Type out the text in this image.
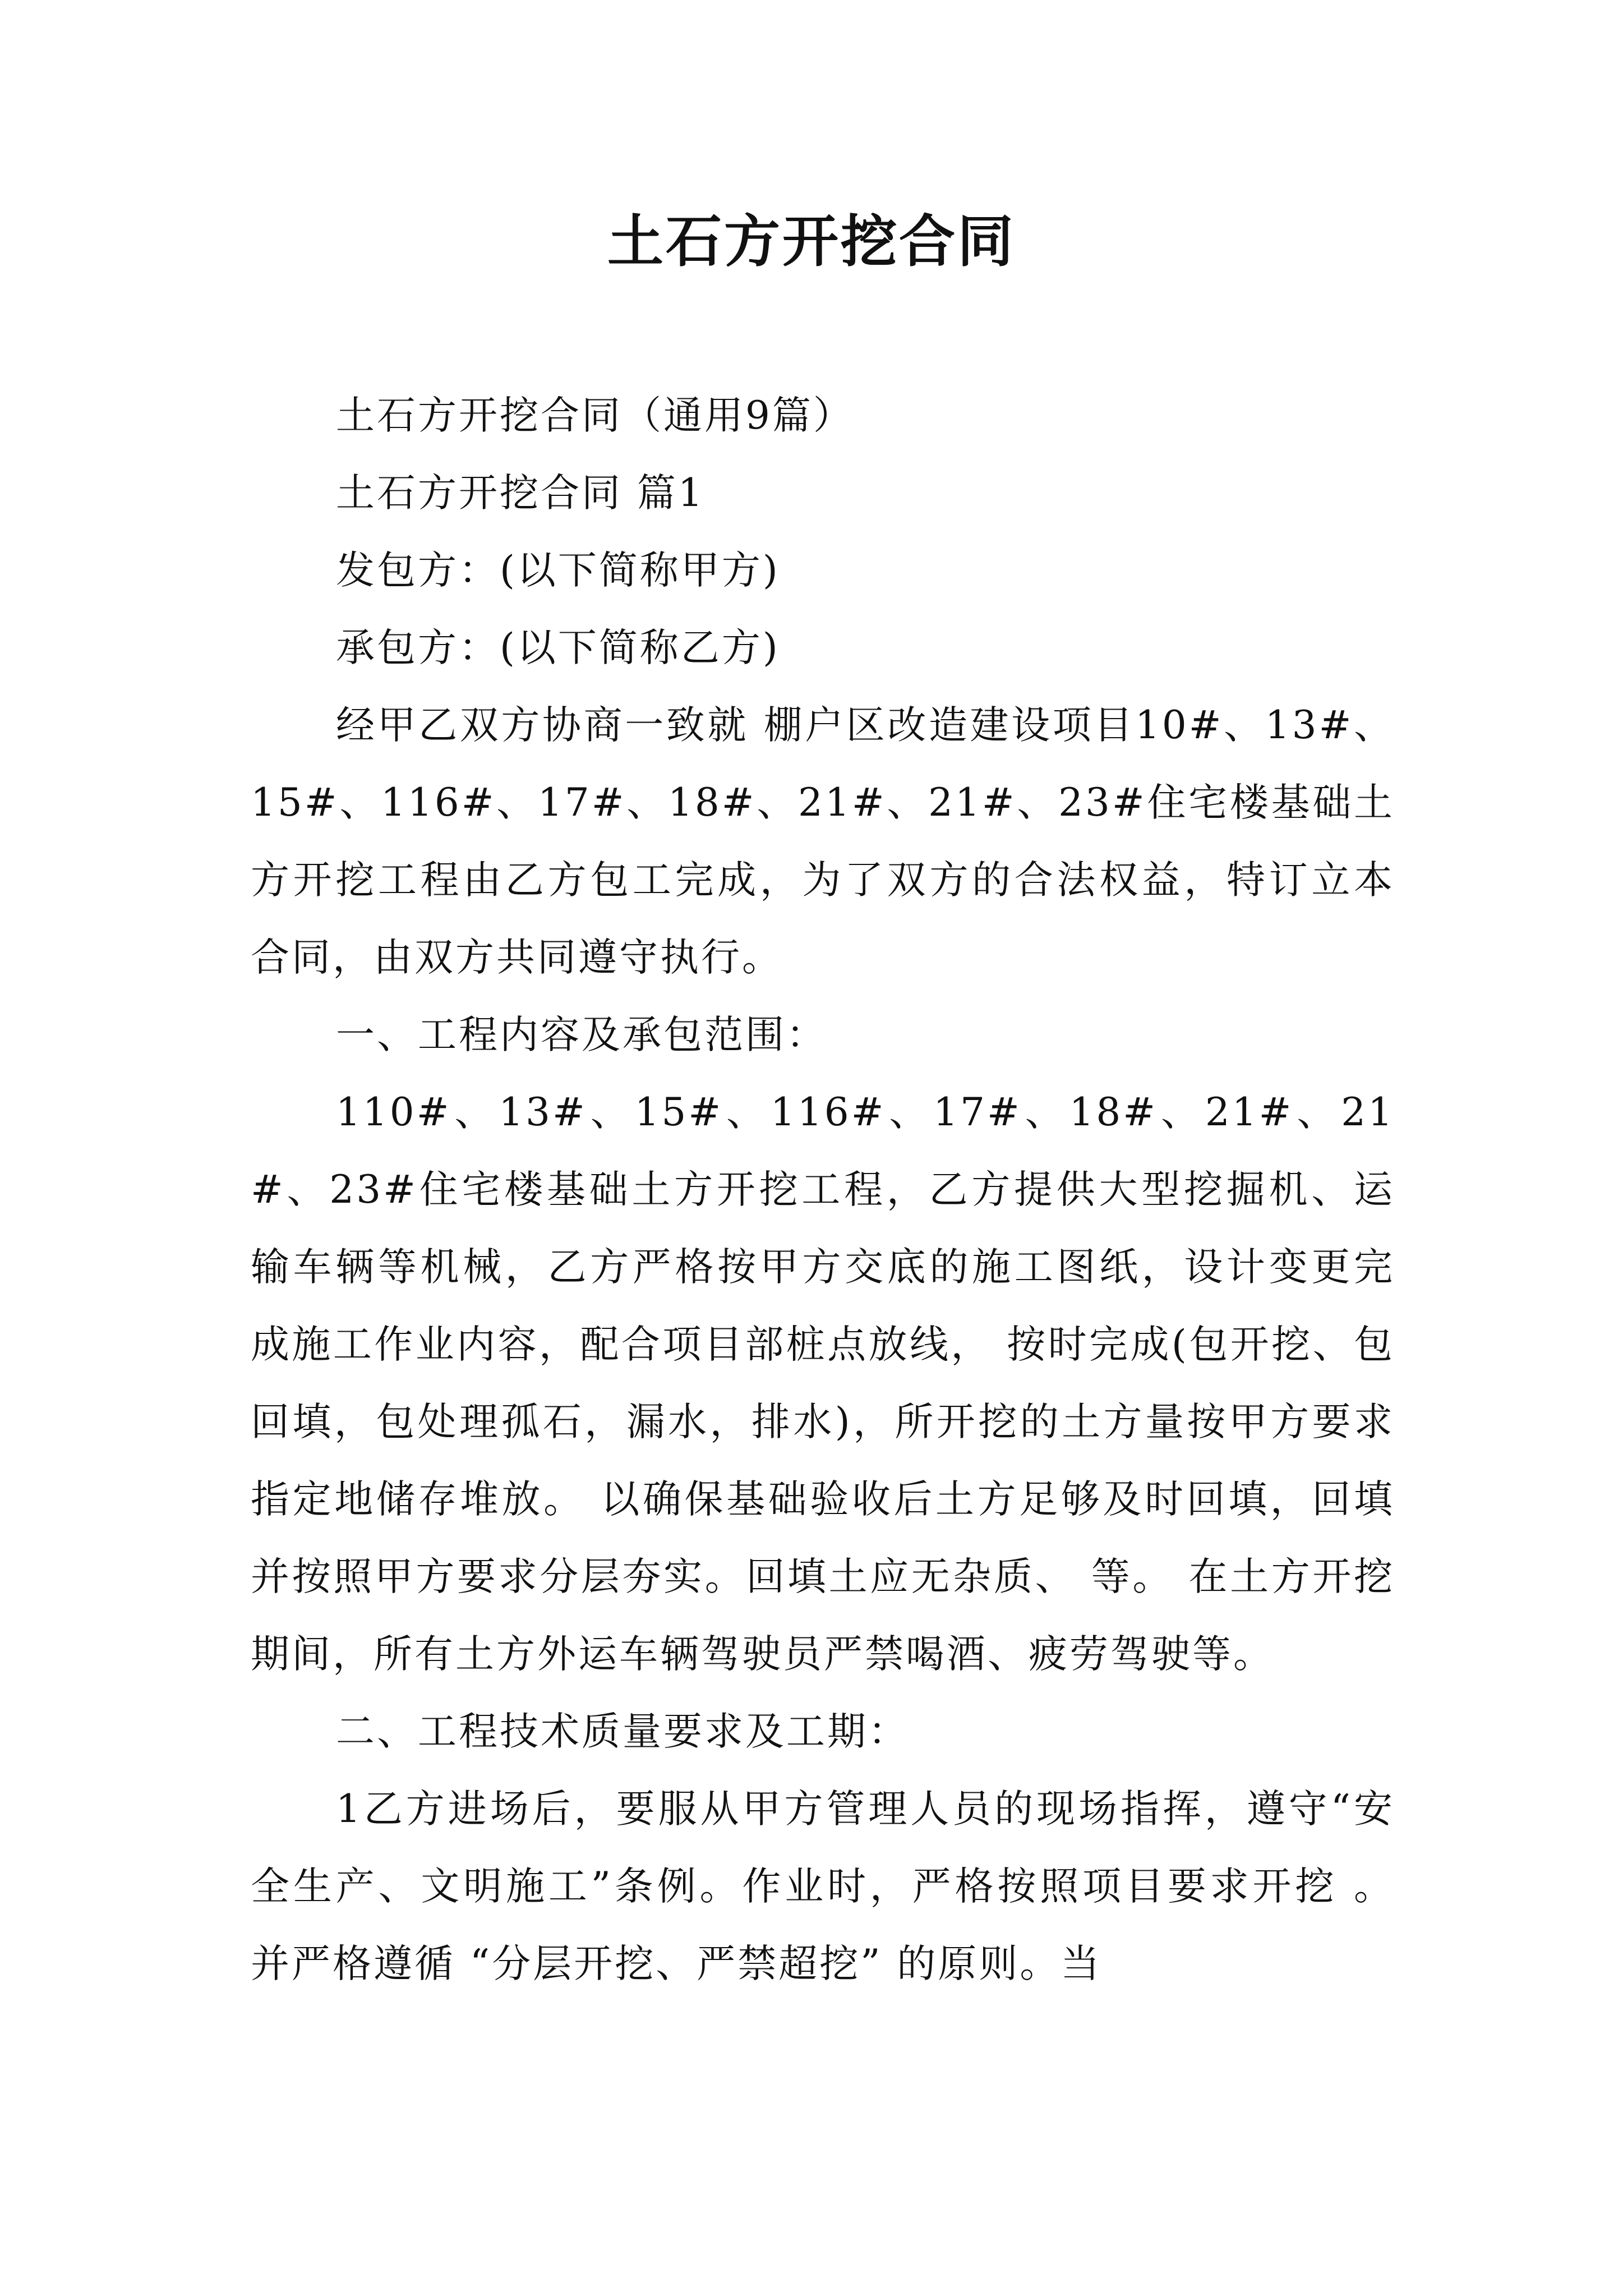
土石方开挖合同

土石方开挖合同（通用9篇）

土石方开挖合同 篇1

发包方：(以下简称甲方)

承包方：(以下简称乙方)

经甲乙双方协商一致就 棚户区改造建设项目10#、13#、15#、116#、17#、18#、21#、21#、23#住宅楼基础土方开挖工程由乙方包工完成，为了双方的合法权益，特订立本合同，由双方共同遵守执行。

一、工程内容及承包范围：

110#、13#、15#、116#、17#、18#、21#、21#、23#住宅楼基础土方开挖工程，乙方提供大型挖掘机、运输车辆等机械，乙方严格按甲方交底的施工图纸，设计变更完成施工作业内容，配合项目部桩点放线， 按时完成(包开挖、包回填，包处理孤石，漏水，排水)，所开挖的土方量按甲方要求指定地储存堆放。 以确保基础验收后土方足够及时回填，回填并按照甲方要求分层夯实。回填土应无杂质、 等。 在土方开挖期间，所有土方外运车辆驾驶员严禁喝酒、疲劳驾驶等。

二、工程技术质量要求及工期：

1乙方进场后，要服从甲方管理人员的现场指挥，遵守“安全生产、文明施工”条例。作业时，严格按照项目要求开挖 。 并严格遵循 “分层开挖、严禁超挖” 的原则。当
